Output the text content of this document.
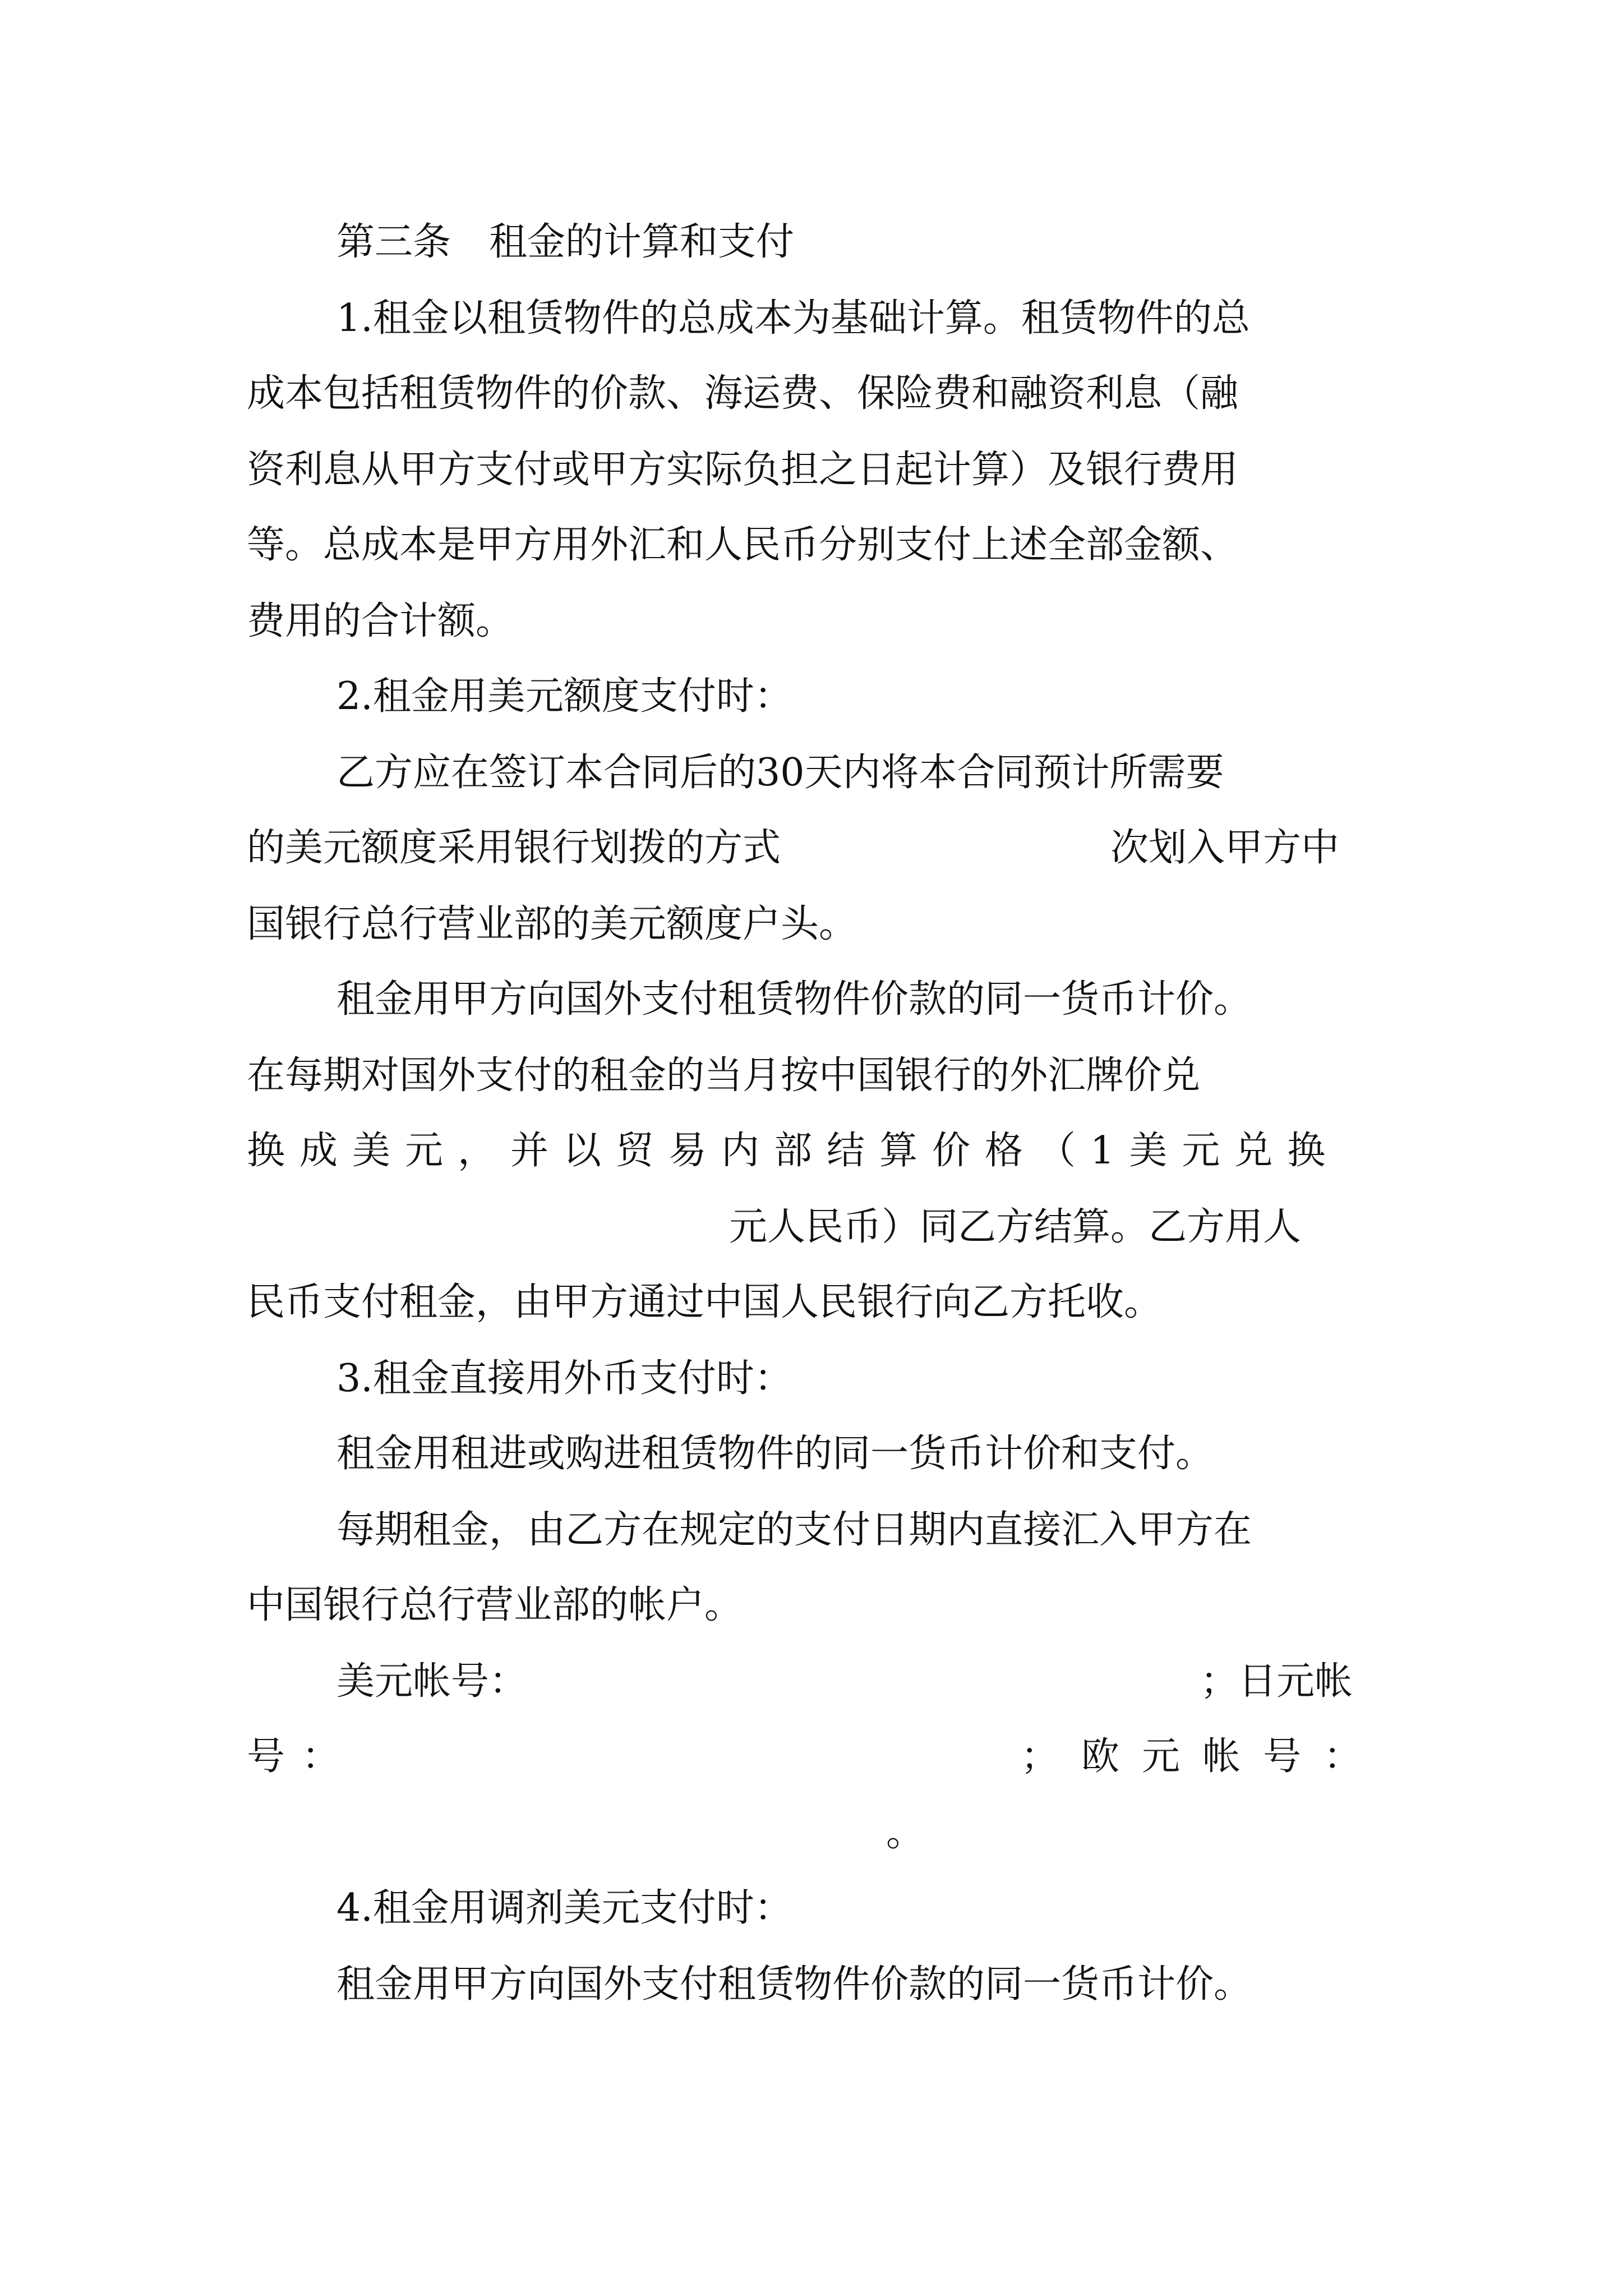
第三条　租金的计算和支付
1.租金以租赁物件的总成本为基础计算。租赁物件的总
成本包括租赁物件的价款、海运费、保险费和融资利息（融
资利息从甲方支付或甲方实际负担之日起计算）及银行费用
等。总成本是甲方用外汇和人民币分别支付上述全部金额、
费用的合计额。
2.租金用美元额度支付时：
乙方应在签订本合同后的30天内将本合同预计所需要
的美元额度采用银行划拨的方式	次划入甲方中
国银行总行营业部的美元额度户头。
租金用甲方向国外支付租赁物件价款的同一货币计价。
在每期对国外支付的租金的当月按中国银行的外汇牌价兑
换成美元，并以贸易内部结算价格（1美元兑换
元人民币）同乙方结算。乙方用人
民币支付租金，由甲方通过中国人民银行向乙方托收。
3.租金直接用外币支付时：
租金用租进或购进租赁物件的同一货币计价和支付。
每期租金，由乙方在规定的支付日期内直接汇入甲方在
中国银行总行营业部的帐户。
美元帐号：	；日元帐
号：	；欧元帐号：
。
4.租金用调剂美元支付时：
租金用甲方向国外支付租赁物件价款的同一货币计价。
